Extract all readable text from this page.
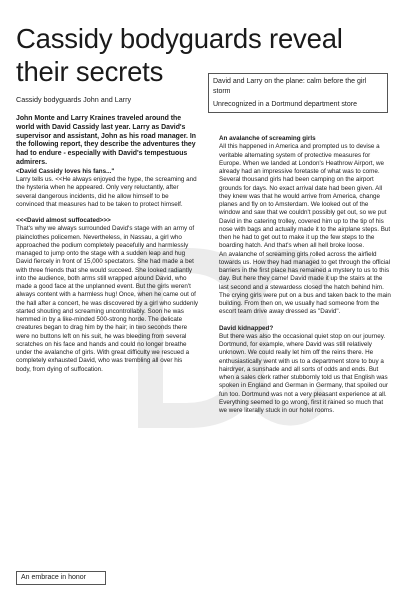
Cassidy bodyguards reveal their secrets	David and Larry on the plane: calm before the girl storm
Unrecognized in a Dortmund department store
Cassidy bodyguards John and Larry

John Monte and Larry Kraines traveled around the world with David Cassidy last year. Larry as David's supervisor and assistant, John as his road manager. In the following report, they describe the adventures they had to endure - especially with David's tempestuous admirers.

<David Cassidy loves his fans..."

Larry tells us. <<He always enjoyed the hype, the screaming and the hysteria when he appeared. Only very reluctantly, after several dangerous incidents, did he allow himself to be convinced that measures had to be taken to protect himself.

<<<David almost suffocated>>>

That's why we always surrounded David's stage with an army of plainclothes policemen. Nevertheless, in Nassau, a girl who approached the podium completely peacefully and harmlessly managed to jump onto the stage with a sudden leap and hug David fiercely in front of 15,000 spectators. She had made a bet with three friends that she would succeed. She looked radiantly into the audience, both arms still wrapped around David, who made a good face at the unplanned event. But the girls weren't always content with a harmless hug! Once, when he came out of the hall after a concert, he was discovered by a girl who suddenly started shouting and screaming uncontrollably. Soon he was hemmed in by a like-minded 500-strong horde. The delicate creatures began to drag him by the hair; in two seconds there were no buttons left on his suit, he was bleeding from several scratches on his face and hands and could no longer breathe under the avalanche of girls. With great difficulty we rescued a completely exhausted David, who was trembling all over his body, from dying of suffocation.

An avalanche of screaming girls

All this happened in America and prompted us to devise a veritable alternating system of protective measures for Europe. When we landed at London's Heathrow Airport, we already had an impressive foretaste of what was to come. Several thousand girls had been camping on the airport grounds for days. No exact arrival date had been given. All they knew was that he would arrive from America, change planes and fly on to Amsterdam. We looked out of the window and saw that we couldn't possibly get out, so we put David in the catering trolley, covered him up to the tip of his nose with bags and actually made it to the airplane steps. But then he had to get out to make it up the few steps to the boarding hatch. And that's when all hell broke loose.

An avalanche of screaming girls rolled across the airfield towards us. How they had managed to get through the official barriers in the first place has remained a mystery to us to this day. But here they came! David made it up the stairs at the last second and a stewardess closed the hatch behind him. The crying girls were put on a bus and taken back to the main building. From then on, we usually had someone from the escort team drive away dressed as "David".

David kidnapped?

But there was also the occasional quiet stop on our journey. Dortmund, for example, where David was still relatively unknown. We could really let him off the reins there. He enthusiastically went with us to a department store to buy a hairdryer, a sunshade and all sorts of odds and ends. But when a sales clerk rather stubbornly told us that English was spoken in England and German in Germany, that spoiled our fun too. Dortmund was not a very pleasant experience at all.

Everything seemed to go wrong, first it rained so much that we were literally stuck in our hotel rooms.

An embrace in honor
